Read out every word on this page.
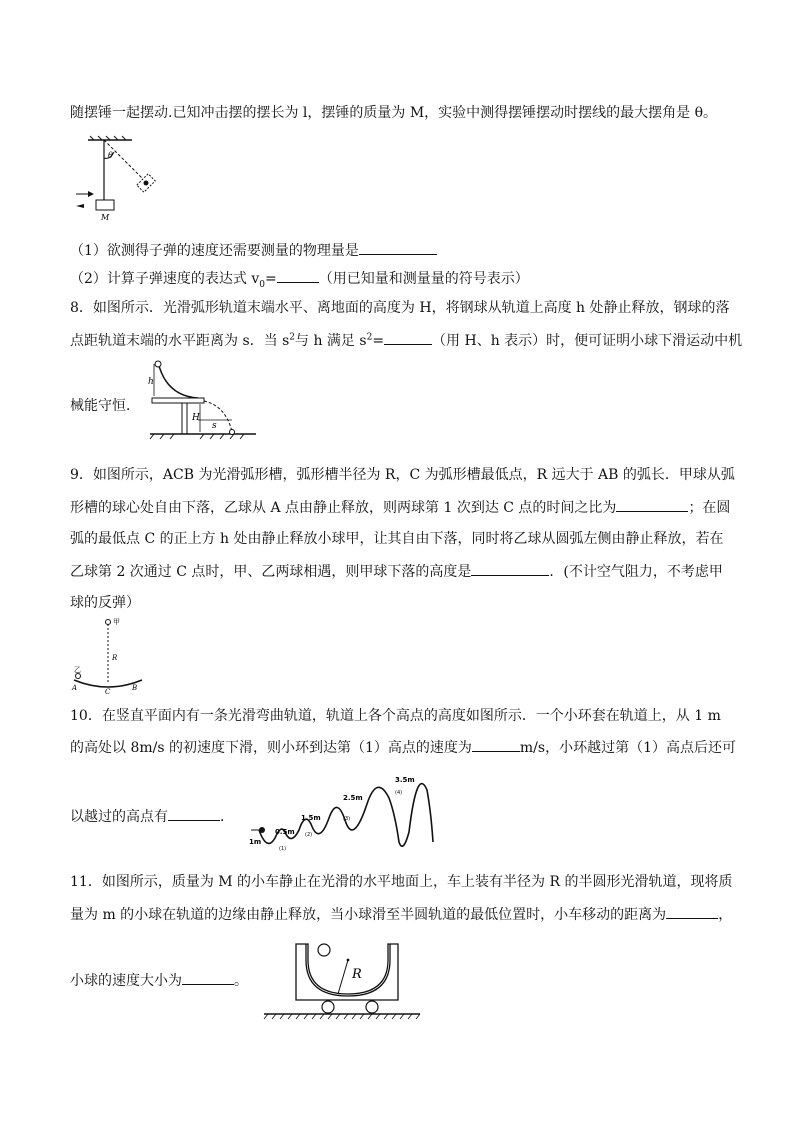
随摆锤一起摆动.已知冲击摆的摆长为 l，摆锤的质量为 M，实验中测得摆锤摆动时摆线的最大摆角是 θ。
θ
M
（1）欲测得子弹的速度还需要测量的物理量是
（2）计算子弹速度的表达式 $v_0=$	（用已知量和测量量的符号表示）
8．如图所示．光滑弧形轨道末端水平、离地面的高度为 H，将钢球从轨道上高度 h 处静止释放，钢球的落
点距轨道末端的水平距离为 s．当 $s^2$与 h 满足 $s^2=$	（用 H、h 表示）时，便可证明小球下滑运动中机
械能守恒．
h
H
s
9．如图所示，ACB 为光滑弧形槽，弧形槽半径为 R，C 为弧形槽最低点，R 远大于 AB 的弧长．甲球从弧
形槽的球心处自由下落，乙球从 A 点由静止释放，则两球第 1 次到达 C 点的时间之比为	；在圆
弧的最低点 C 的正上方 h 处由静止释放小球甲，让其自由下落，同时将乙球从圆弧左侧由静止释放，若在
乙球第 2 次通过 C 点时，甲、乙两球相遇，则甲球下落的高度是	．(不计空气阻力，不考虑甲
球的反弹）
甲
R
乙
A	C	B
10．在竖直平面内有一条光滑弯曲轨道，轨道上各个高点的高度如图所示．一个小环套在轨道上，从 1 m
的高处以 8m/s 的初速度下滑，则小环到达第（1）高点的速度为	m/s，小环越过第（1）高点后还可
以越过的高点有	．
1m
0.5m
1.5m
2.5m
3.5m
(1)
(2)
(3)
(4)
11．如图所示，质量为 M 的小车静止在光滑的水平地面上，车上装有半径为 R 的半圆形光滑轨道，现将质
量为 m 的小球在轨道的边缘由静止释放，当小球滑至半圆轨道的最低位置时，小车移动的距离为	，
小球的速度大小为	。	R
